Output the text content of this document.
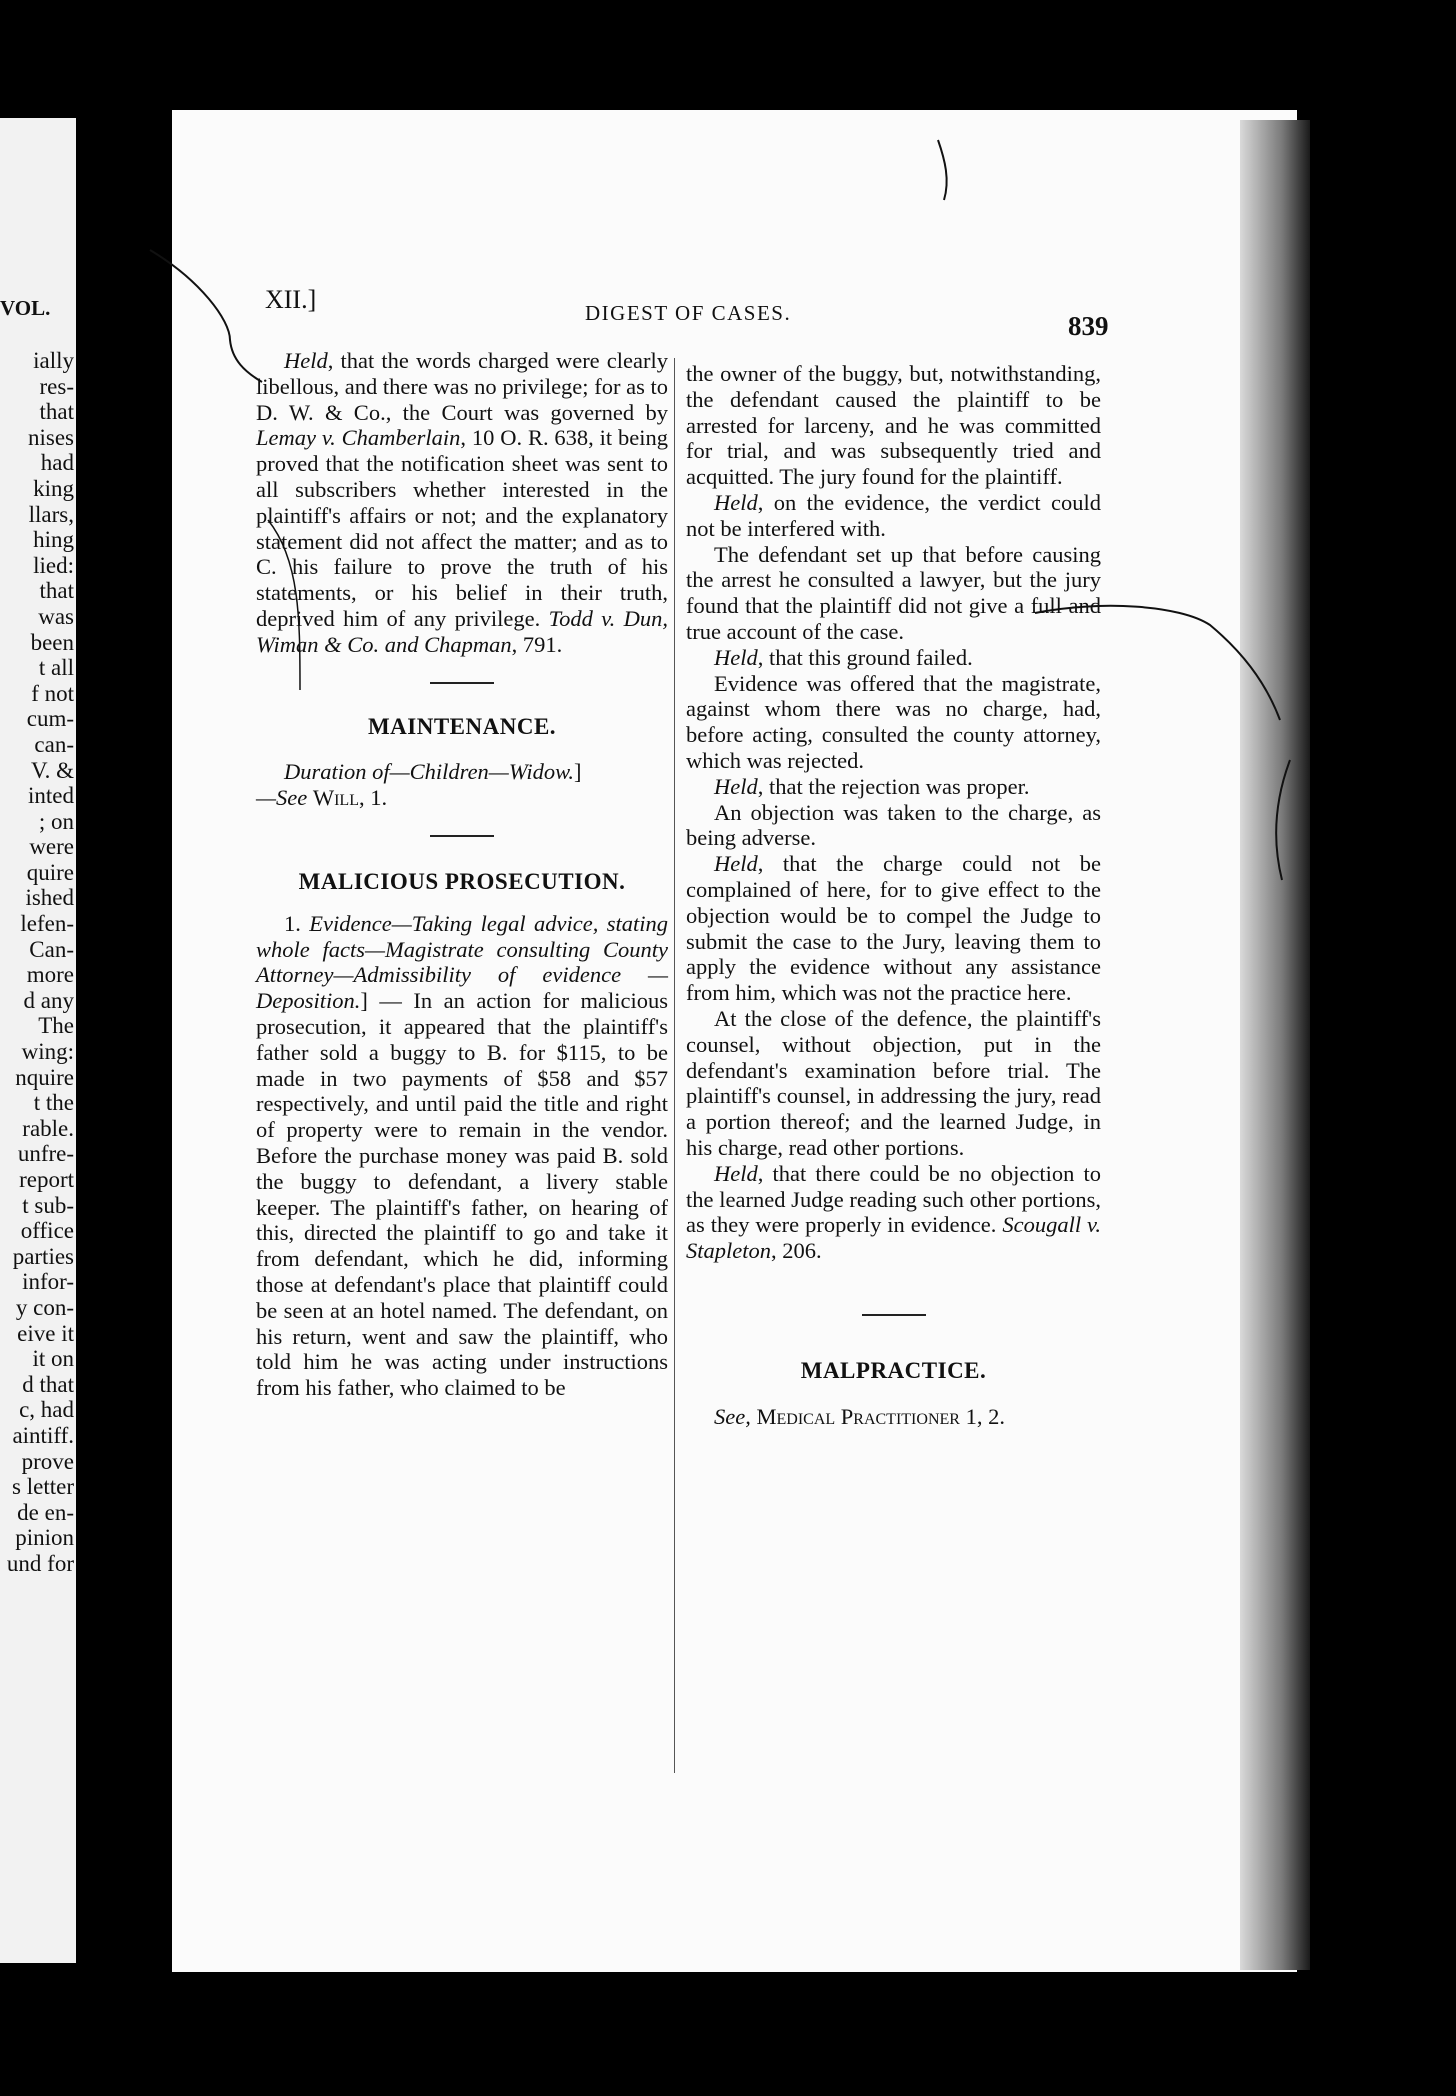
VOL.
ially
res-
that
nises
had
king
llars,
hing
lied:
that
was
been
t all
f not
cum-
can-
V. &
inted
; on
were
quire
ished
lefen-
Can-
more
d any
The
wing:
nquire
t the
rable.
unfre-
report
t sub-
office
parties
infor-
y con-
eive it
it on
d that
c, had
aintiff.
prove
s letter
de en-
pinion
und for
XII.]	DIGEST OF CASES.	839

Held, that the words charged were clearly libellous, and there was no privilege; for as to D. W. & Co., the Court was governed by Lemay v. Chamberlain, 10 O. R. 638, it being proved that the notification sheet was sent to all subscribers whether interested in the plaintiff's affairs or not; and the explanatory statement did not affect the matter; and as to C. his failure to prove the truth of his statements, or his belief in their truth, deprived him of any privilege. Todd v. Dun, Wiman & Co. and Chapman, 791.

MAINTENANCE.

Duration of—Children—Widow.]
—See Will, 1.

MALICIOUS PROSECUTION.

1. Evidence—Taking legal advice, stating whole facts—Magistrate consulting County Attorney—Admissibility of evidence — Deposition.] — In an action for malicious prosecution, it appeared that the plaintiff's father sold a buggy to B. for $115, to be made in two payments of $58 and $57 respectively, and until paid the title and right of property were to remain in the vendor. Before the purchase money was paid B. sold the buggy to defendant, a livery stable keeper. The plaintiff's father, on hearing of this, directed the plaintiff to go and take it from defendant, which he did, informing those at defendant's place that plaintiff could be seen at an hotel named. The defendant, on his return, went and saw the plaintiff, who told him he was acting under instructions from his father, who claimed to be

the owner of the buggy, but, notwithstanding, the defendant caused the plaintiff to be arrested for larceny, and he was committed for trial, and was subsequently tried and acquitted. The jury found for the plaintiff.

Held, on the evidence, the verdict could not be interfered with.

The defendant set up that before causing the arrest he consulted a lawyer, but the jury found that the plaintiff did not give a full and true account of the case.

Held, that this ground failed.

Evidence was offered that the magistrate, against whom there was no charge, had, before acting, consulted the county attorney, which was rejected.

Held, that the rejection was proper.

An objection was taken to the charge, as being adverse.

Held, that the charge could not be complained of here, for to give effect to the objection would be to compel the Judge to submit the case to the Jury, leaving them to apply the evidence without any assistance from him, which was not the practice here.

At the close of the defence, the plaintiff's counsel, without objection, put in the defendant's examination before trial. The plaintiff's counsel, in addressing the jury, read a portion thereof; and the learned Judge, in his charge, read other portions.

Held, that there could be no objection to the learned Judge reading such other portions, as they were properly in evidence. Scougall v. Stapleton, 206.

MALPRACTICE.

See, Medical Practitioner 1, 2.
